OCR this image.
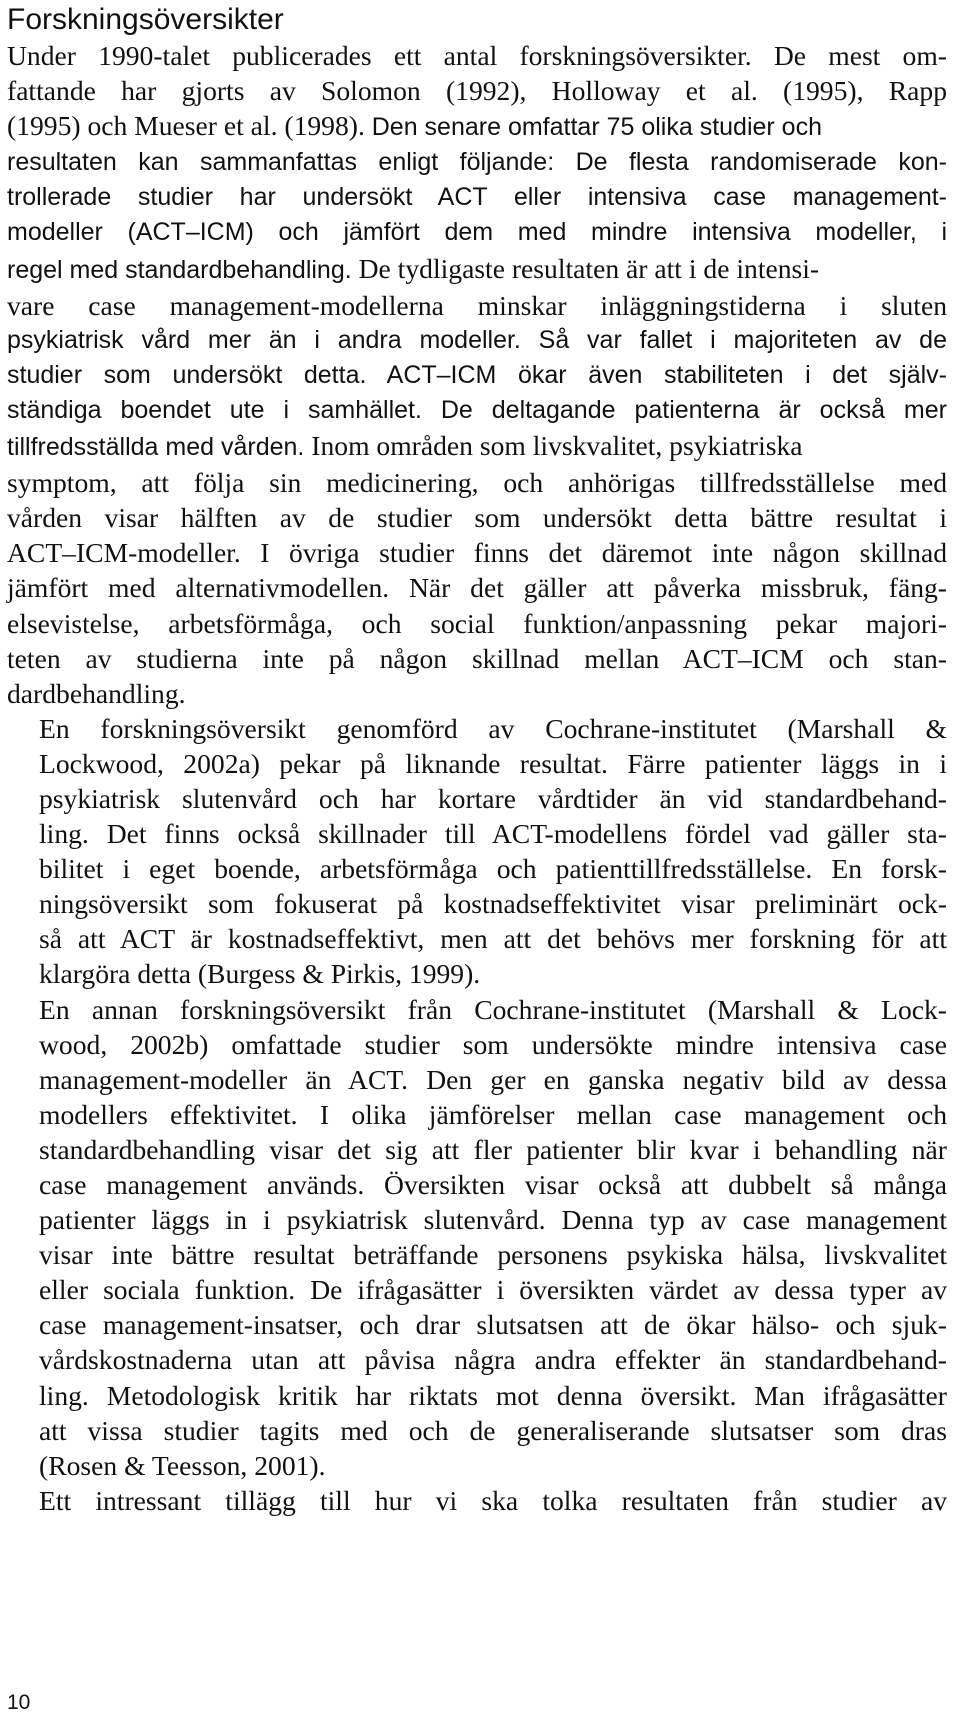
Forskningsöversikter

Under 1990-talet publicerades ett antal forskningsöversikter. De mest om-
fattande har gjorts av Solomon (1992), Holloway et al. (1995), Rapp
(1995) och Mueser et al. (1998). Den senare omfattar 75 olika studier och
resultaten kan sammanfattas enligt följande: De flesta randomiserade kon-
trollerade studier har undersökt ACT eller intensiva case management-
modeller (ACT–ICM) och jämfört dem med mindre intensiva modeller, i
regel med standardbehandling. De tydligaste resultaten är att i de intensi-
vare case management-modellerna minskar inläggningstiderna i sluten
psykiatrisk vård mer än i andra modeller. Så var fallet i majoriteten av de
studier som undersökt detta. ACT–ICM ökar även stabiliteten i det själv-
ständiga boendet ute i samhället. De deltagande patienterna är också mer
tillfredsställda med vården. Inom områden som livskvalitet, psykiatriska
symptom, att följa sin medicinering, och anhörigas tillfredsställelse med
vården visar hälften av de studier som undersökt detta bättre resultat i
ACT–ICM-modeller. I övriga studier finns det däremot inte någon skillnad
jämfört med alternativmodellen. När det gäller att påverka missbruk, fäng-
elsevistelse, arbetsförmåga, och social funktion/anpassning pekar majori-
teten av studierna inte på någon skillnad mellan ACT–ICM och stan-
dardbehandling.

En forskningsöversikt genomförd av Cochrane-institutet (Marshall &
Lockwood, 2002a) pekar på liknande resultat. Färre patienter läggs in i
psykiatrisk slutenvård och har kortare vårdtider än vid standardbehand-
ling. Det finns också skillnader till ACT-modellens fördel vad gäller sta-
bilitet i eget boende, arbetsförmåga och patienttillfredsställelse. En forsk-
ningsöversikt som fokuserat på kostnadseffektivitet visar preliminärt ock-
så att ACT är kostnadseffektivt, men att det behövs mer forskning för att
klargöra detta (Burgess & Pirkis, 1999).

En annan forskningsöversikt från Cochrane-institutet (Marshall & Lock-
wood, 2002b) omfattade studier som undersökte mindre intensiva case
management-modeller än ACT. Den ger en ganska negativ bild av dessa
modellers effektivitet. I olika jämförelser mellan case management och
standardbehandling visar det sig att fler patienter blir kvar i behandling när
case management används. Översikten visar också att dubbelt så många
patienter läggs in i psykiatrisk slutenvård. Denna typ av case management
visar inte bättre resultat beträffande personens psykiska hälsa, livskvalitet
eller sociala funktion. De ifrågasätter i översikten värdet av dessa typer av
case management-insatser, och drar slutsatsen att de ökar hälso- och sjuk-
vårdskostnaderna utan att påvisa några andra effekter än standardbehand-
ling. Metodologisk kritik har riktats mot denna översikt. Man ifrågasätter
att vissa studier tagits med och de generaliserande slutsatser som dras
(Rosen & Teesson, 2001).

Ett intressant tillägg till hur vi ska tolka resultaten från studier av

10
